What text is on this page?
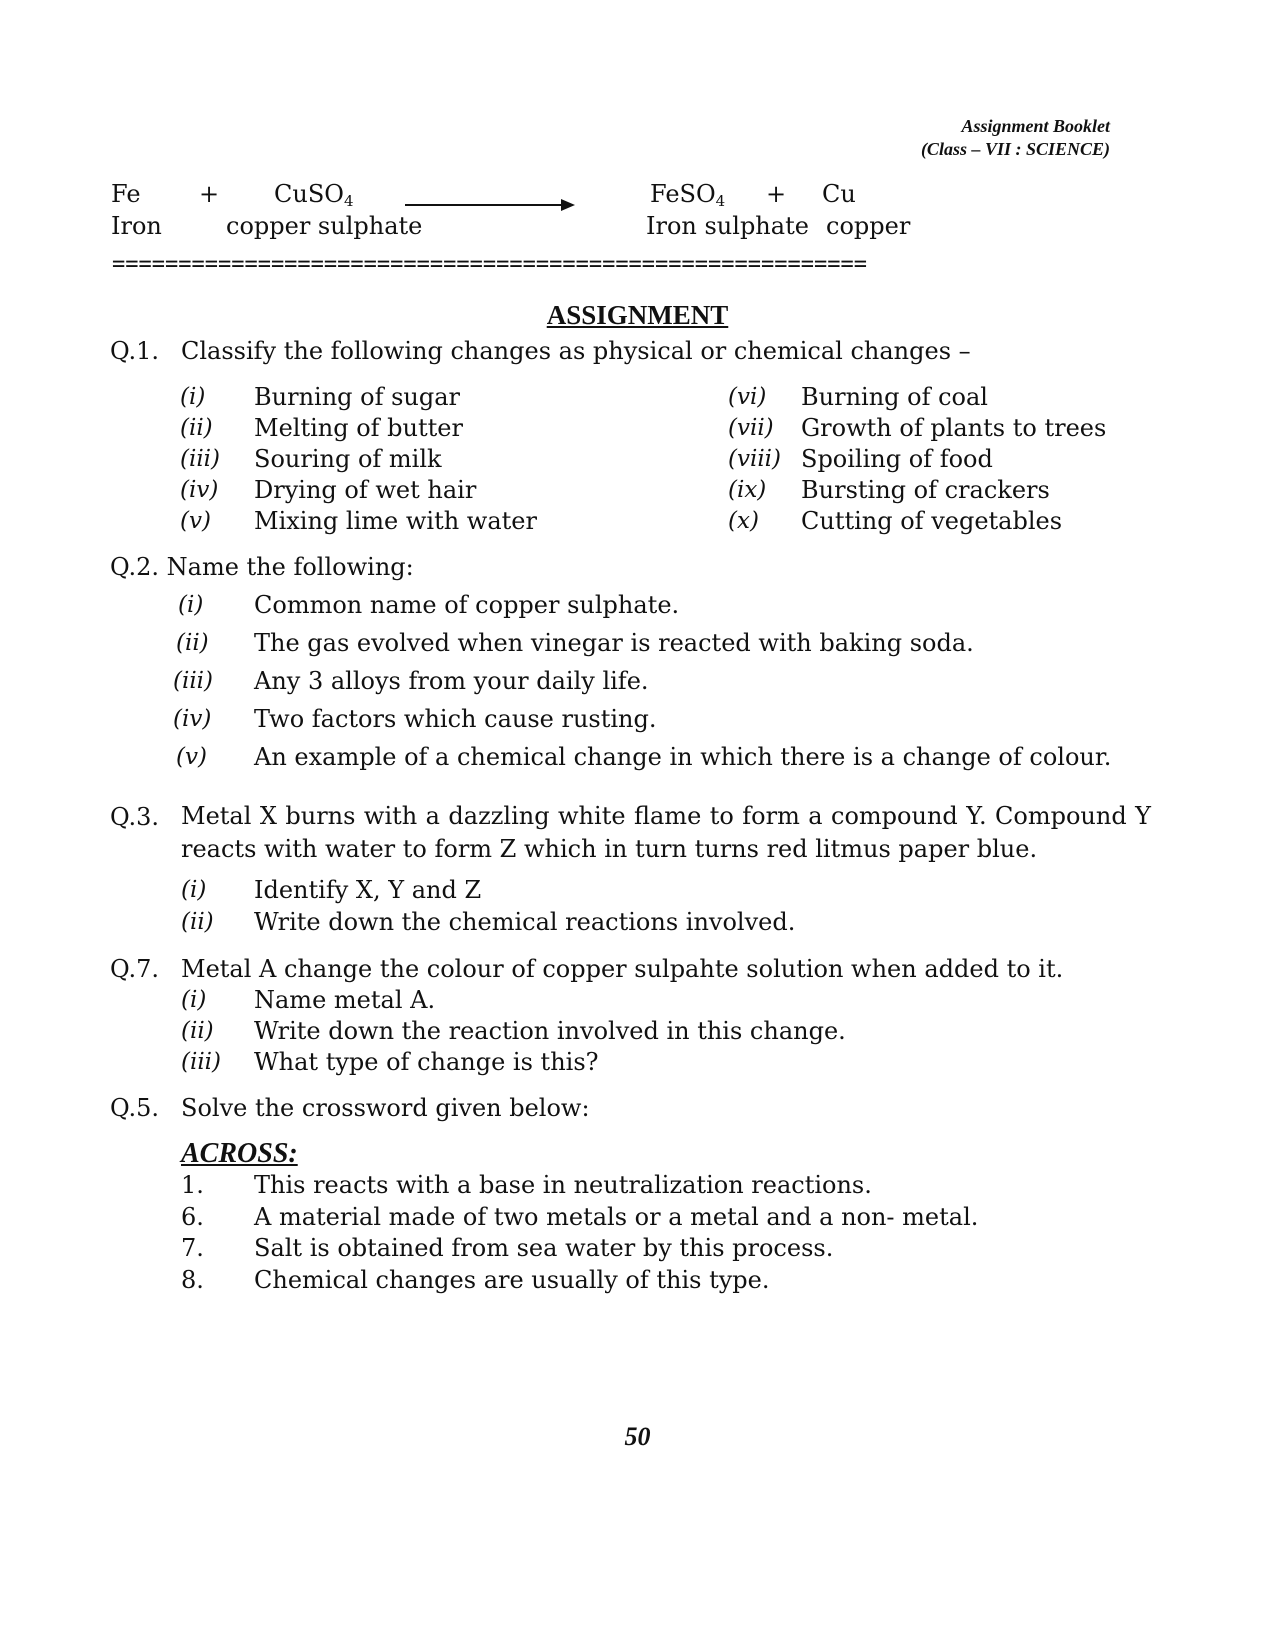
Assignment Booklet
(Class – VII : SCIENCE)
Fe + CuSO$_4$	FeSO$_4$ + Cu
Iron	copper sulphate	Iron sulphate copper
=========================================================
ASSIGNMENT
Q.1. Classify the following changes as physical or chemical changes –
(i) Burning of sugar
(ii) Melting of butter
(iii) Souring of milk
(iv) Drying of wet hair
(v) Mixing lime with water
(vi) Burning of coal
(vii) Growth of plants to trees
(viii) Spoiling of food
(ix) Bursting of crackers
(x) Cutting of vegetables
Q.2. Name the following:
(i) Common name of copper sulphate.
(ii) The gas evolved when vinegar is reacted with baking soda.
(iii) Any 3 alloys from your daily life.
(iv) Two factors which cause rusting.
(v) An example of a chemical change in which there is a change of colour.
Q.3. Metal X burns with a dazzling white flame to form a compound Y. Compound Y reacts with water to form Z which in turn turns red litmus paper blue.
(i) Identify X, Y and Z
(ii) Write down the chemical reactions involved.
Q.7. Metal A change the colour of copper sulpahte solution when added to it.
(i) Name metal A.
(ii) Write down the reaction involved in this change.
(iii) What type of change is this?
Q.5. Solve the crossword given below:
ACROSS:
1. This reacts with a base in neutralization reactions.
6. A material made of two metals or a metal and a non- metal.
7. Salt is obtained from sea water by this process.
8. Chemical changes are usually of this type.
50
